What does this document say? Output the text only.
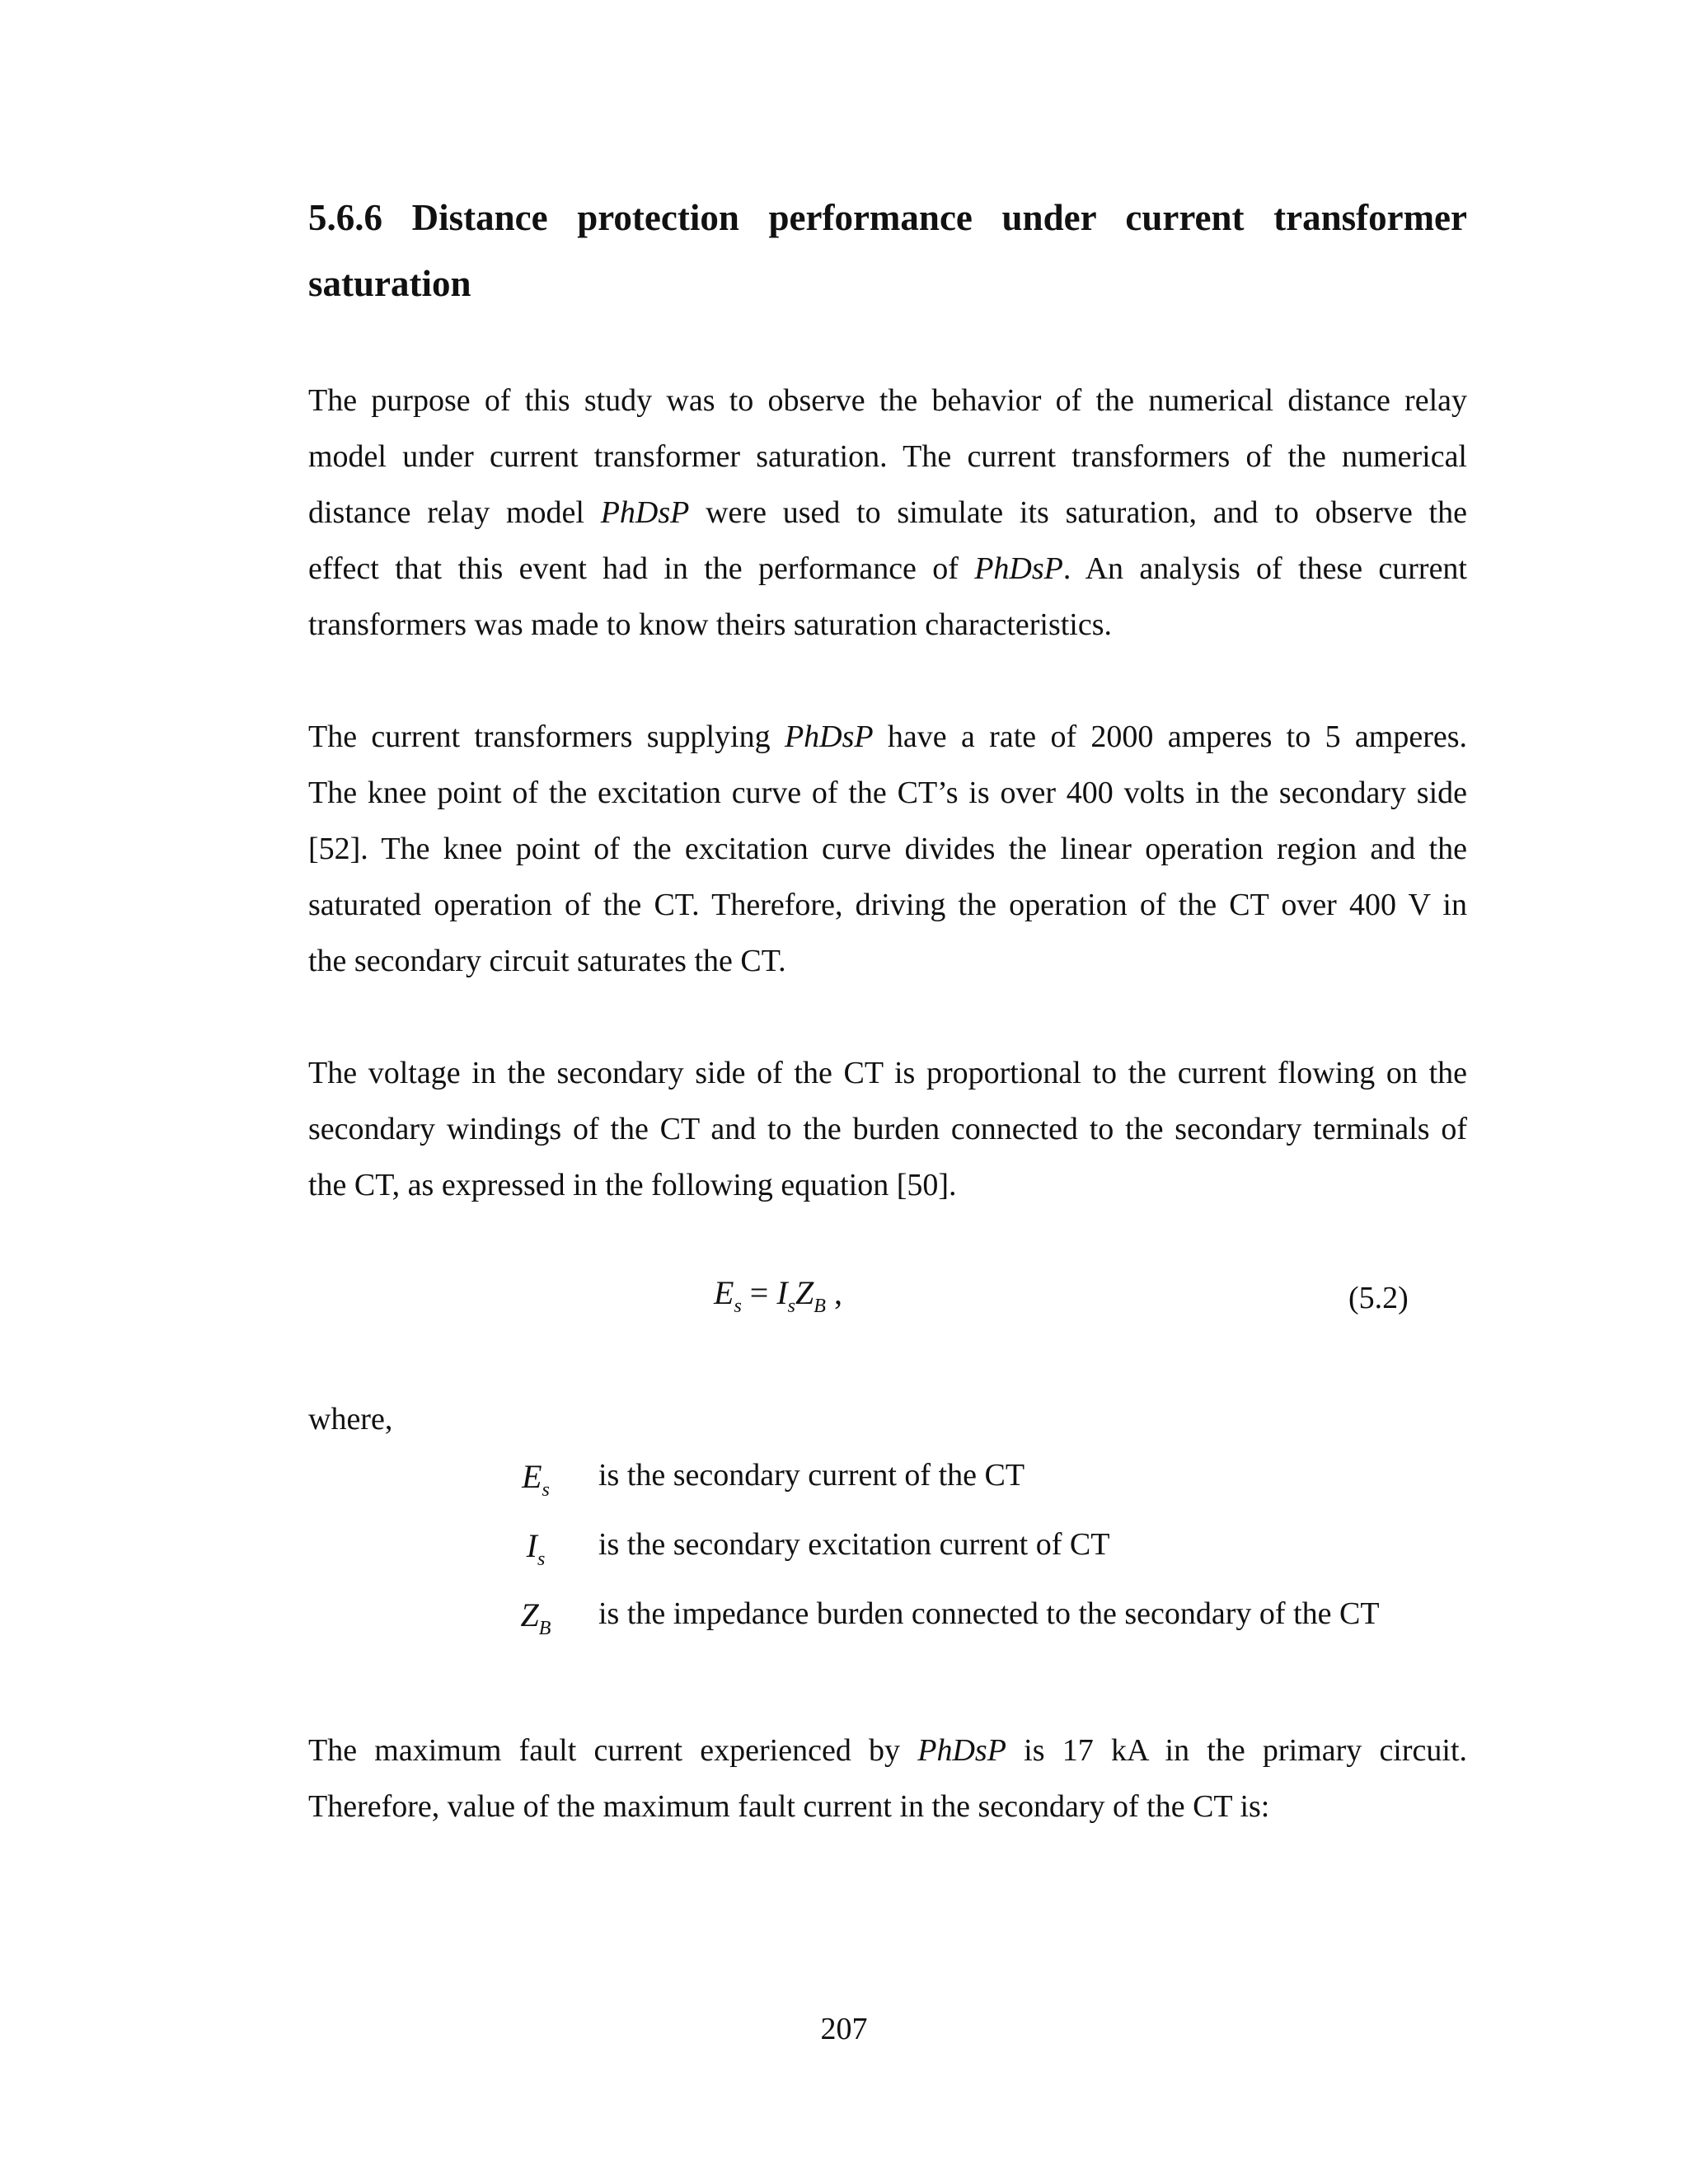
5.6.6 Distance protection performance under current transformer
saturation

The purpose of this study was to observe the behavior of the numerical distance relay
model under current transformer saturation. The current transformers of the numerical
distance relay model PhDsP were used to simulate its saturation, and to observe the
effect that this event had in the performance of PhDsP. An analysis of these current
transformers was made to know theirs saturation characteristics.

The current transformers supplying PhDsP have a rate of 2000 amperes to 5 amperes.
The knee point of the excitation curve of the CT’s is over 400 volts in the secondary side
[52]. The knee point of the excitation curve divides the linear operation region and the
saturated operation of the CT. Therefore, driving the operation of the CT over 400 V in
the secondary circuit saturates the CT.

The voltage in the secondary side of the CT is proportional to the current flowing on the
secondary windings of the CT and to the burden connected to the secondary terminals of
the CT, as expressed in the following equation [50].

$E_s = I_sZ_B$ ,	(5.2)
where,
$E_s$	is the secondary current of the CT
$I_s$	is the secondary excitation current of CT
$Z_B$	is the impedance burden connected to the secondary of the CT

The maximum fault current experienced by PhDsP is 17 kA in the primary circuit.
Therefore, value of the maximum fault current in the secondary of the CT is:

207
